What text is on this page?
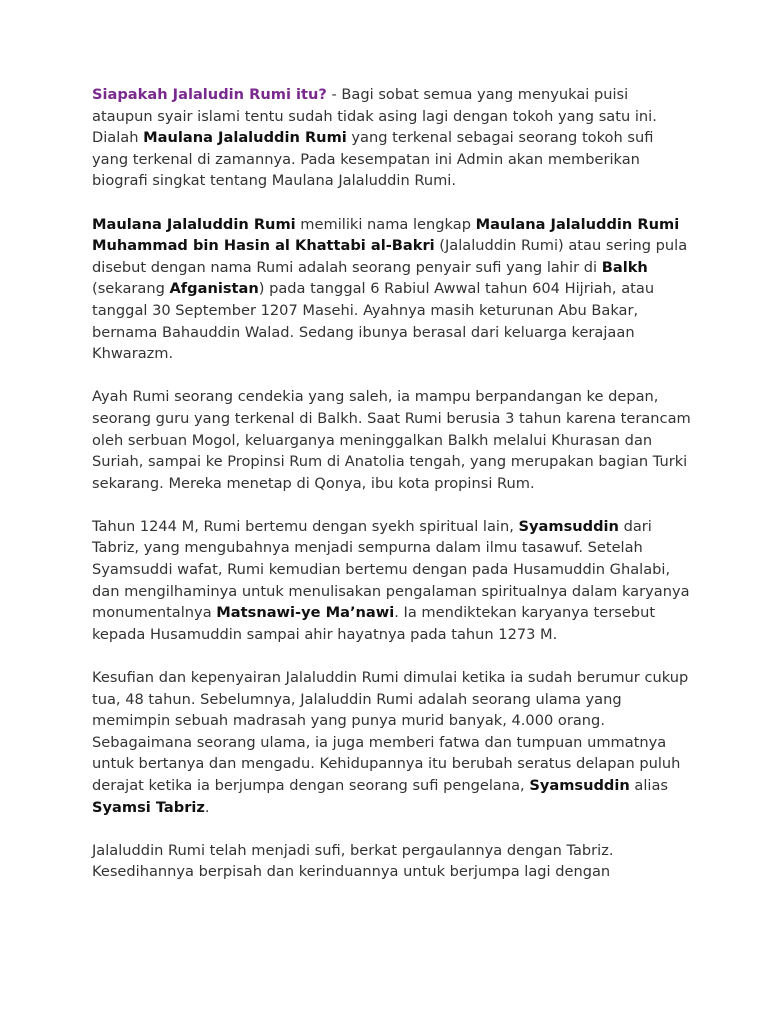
Siapakah Jalaludin Rumi itu? - Bagi sobat semua yang menyukai puisi ataupun syair islami tentu sudah tidak asing lagi dengan tokoh yang satu ini. Dialah Maulana Jalaluddin Rumi yang terkenal sebagai seorang tokoh sufi yang terkenal di zamannya. Pada kesempatan ini Admin akan memberikan biografi singkat tentang Maulana Jalaluddin Rumi.

Maulana Jalaluddin Rumi memiliki nama lengkap Maulana Jalaluddin Rumi Muhammad bin Hasin al Khattabi al-Bakri (Jalaluddin Rumi) atau sering pula disebut dengan nama Rumi adalah seorang penyair sufi yang lahir di Balkh (sekarang Afganistan) pada tanggal 6 Rabiul Awwal tahun 604 Hijriah, atau tanggal 30 September 1207 Masehi. Ayahnya masih keturunan Abu Bakar, bernama Bahauddin Walad. Sedang ibunya berasal dari keluarga kerajaan Khwarazm.

Ayah Rumi seorang cendekia yang saleh, ia mampu berpandangan ke depan, seorang guru yang terkenal di Balkh. Saat Rumi berusia 3 tahun karena terancam oleh serbuan Mogol, keluarganya meninggalkan Balkh melalui Khurasan dan Suriah, sampai ke Propinsi Rum di Anatolia tengah, yang merupakan bagian Turki sekarang. Mereka menetap di Qonya, ibu kota propinsi Rum.

Tahun 1244 M, Rumi bertemu dengan syekh spiritual lain, Syamsuddin dari Tabriz, yang mengubahnya menjadi sempurna dalam ilmu tasawuf. Setelah Syamsuddi wafat, Rumi kemudian bertemu dengan pada Husamuddin Ghalabi, dan mengilhaminya untuk menulisakan pengalaman spiritualnya dalam karyanya monumentalnya Matsnawi-ye Ma’nawi. Ia mendiktekan karyanya tersebut kepada Husamuddin sampai ahir hayatnya pada tahun 1273 M.

Kesufian dan kepenyairan Jalaluddin Rumi dimulai ketika ia sudah berumur cukup tua, 48 tahun. Sebelumnya, Jalaluddin Rumi adalah seorang ulama yang memimpin sebuah madrasah yang punya murid banyak, 4.000 orang. Sebagaimana seorang ulama, ia juga memberi fatwa dan tumpuan ummatnya untuk bertanya dan mengadu. Kehidupannya itu berubah seratus delapan puluh derajat ketika ia berjumpa dengan seorang sufi pengelana, Syamsuddin alias Syamsi Tabriz.

Jalaluddin Rumi telah menjadi sufi, berkat pergaulannya dengan Tabriz. Kesedihannya berpisah dan kerinduannya untuk berjumpa lagi dengan
